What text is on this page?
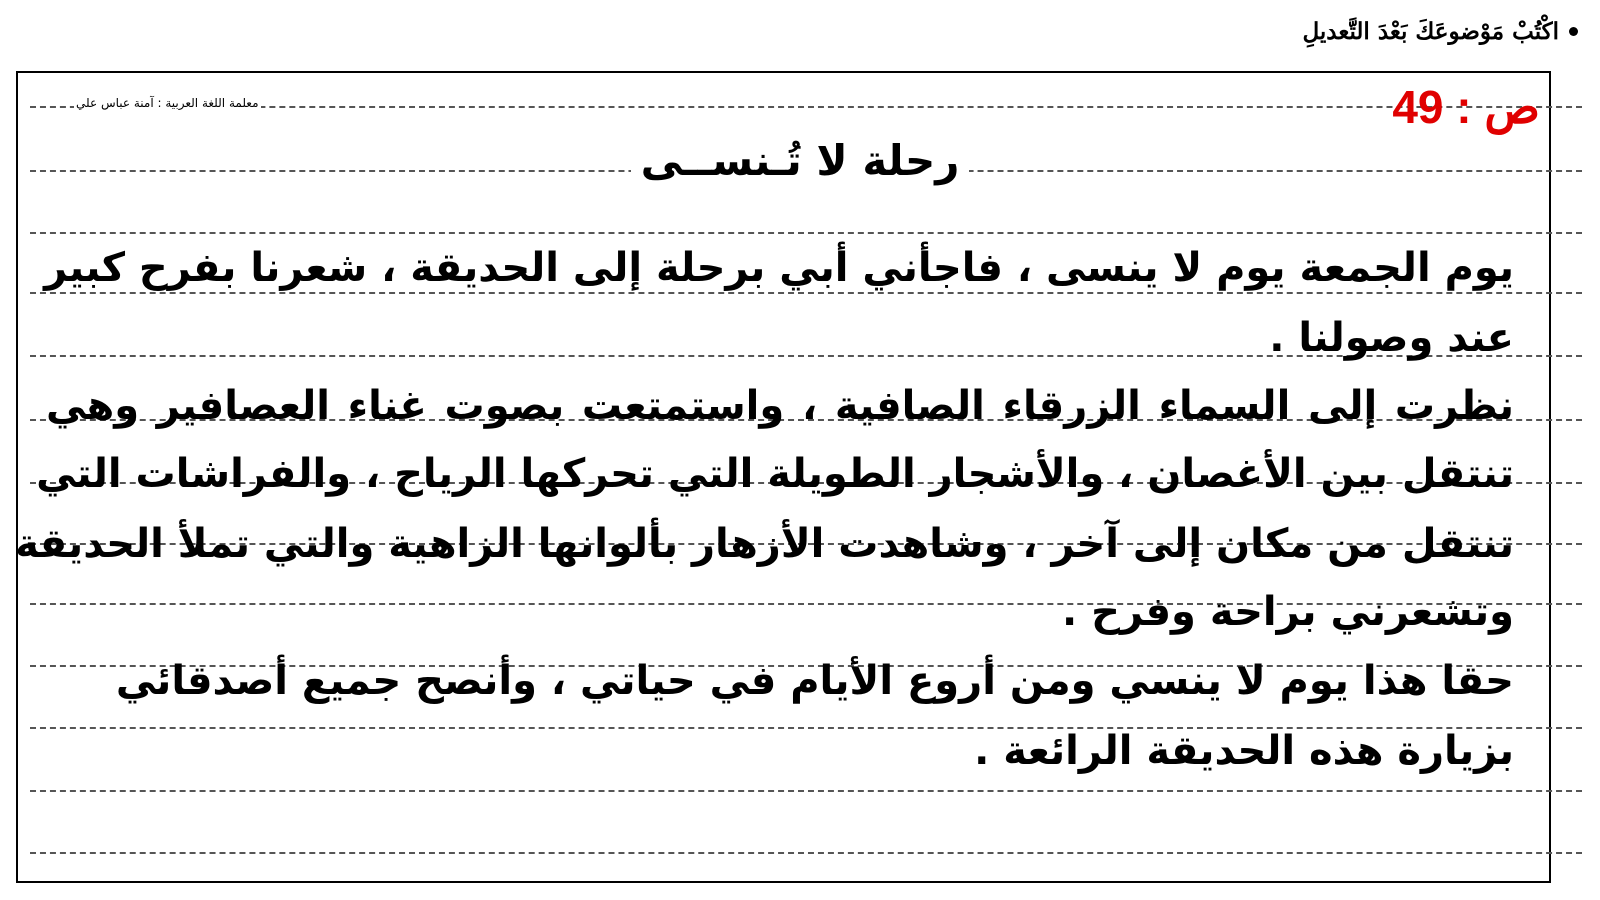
اكْتُبْ مَوْضوعَكَ بَعْدَ التَّعديلِ
ص : 49
معلمة اللغة العربية : آمنة عباس علي
رحلة لا تُـنســى
يوم الجمعة يوم لا ينسى ، فاجأني أبي برحلة إلى الحديقة ، شعرنا بفرح كبير
عند وصولنا .
نظرت إلى السماء الزرقاء الصافية ، واستمتعت بصوت غناء العصافير وهي
تنتقل بين الأغصان ، والأشجار الطويلة التي تحركها الرياح ، والفراشات التي
تنتقل من مكان إلى آخر ، وشاهدت الأزهار بألوانها الزاهية والتي تملأ الحديقة
وتشعرني براحة وفرح .
حقا هذا يوم لا ينسي ومن أروع الأيام في حياتي ، وأنصح جميع أصدقائي
بزيارة هذه الحديقة الرائعة .
